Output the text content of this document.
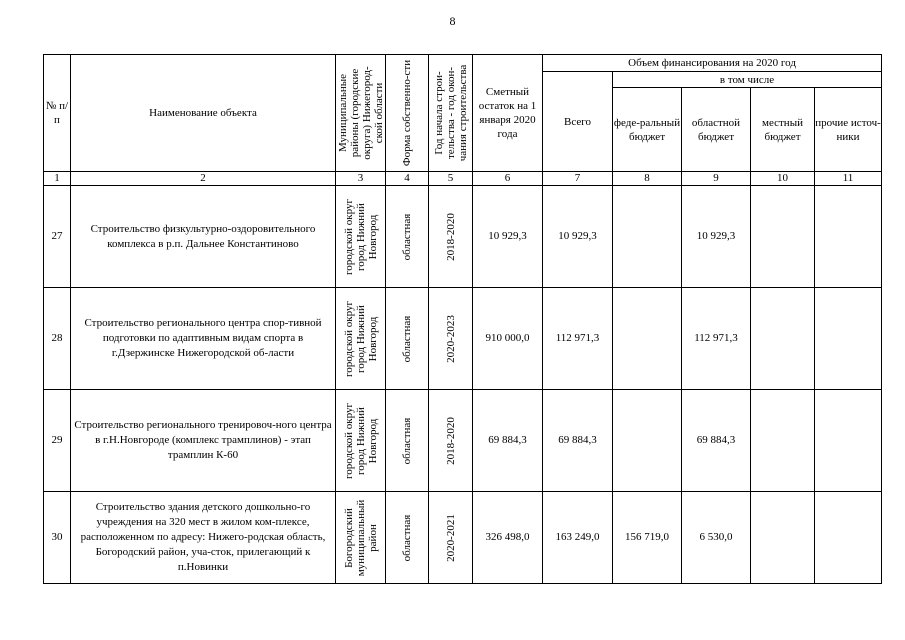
8
№ п/п	Наименование объекта	Муниципальные районы (городские округа) Нижегород-ской области	Форма собственно-сти	Год начала строи-тельства - год окон-чания строительства	Сметный остаток на 1 января 2020 года	Объем финансирования на 2020 год				
						Всего	в том числе			
							феде-ральный бюджет	областной бюджет	местный бюджет	прочие источ-ники
1	2	3	4	5	6	7	8	9	10	11
27	Строительство физкультурно-оздоровительного комплекса в р.п. Дальнее Константиново	городской округ город Нижний Новгород	областная	2018-2020	10 929,3	10 929,3		10 929,3		
28	Строительство регионального центра спор-тивной подготовки по адаптивным видам спорта в г.Дзержинске Нижегородской об-ласти	городской округ город Нижний Новгород	областная	2020-2023	910 000,0	112 971,3		112 971,3		
29	Строительство регионального тренировоч-ного центра в г.Н.Новгороде (комплекс трамплинов) - этап трамплин К-60	городской округ город Нижний Новгород	областная	2018-2020	69 884,3	69 884,3		69 884,3		
30	Строительство здания детского дошкольно-го учреждения на 320 мест в жилом ком-плексе, расположенном по адресу: Нижего-родская область, Богородский район, уча-сток, прилегающий к п.Новинки	Богородский муниципальный район	областная	2020-2021	326 498,0	163 249,0	156 719,0	6 530,0		
